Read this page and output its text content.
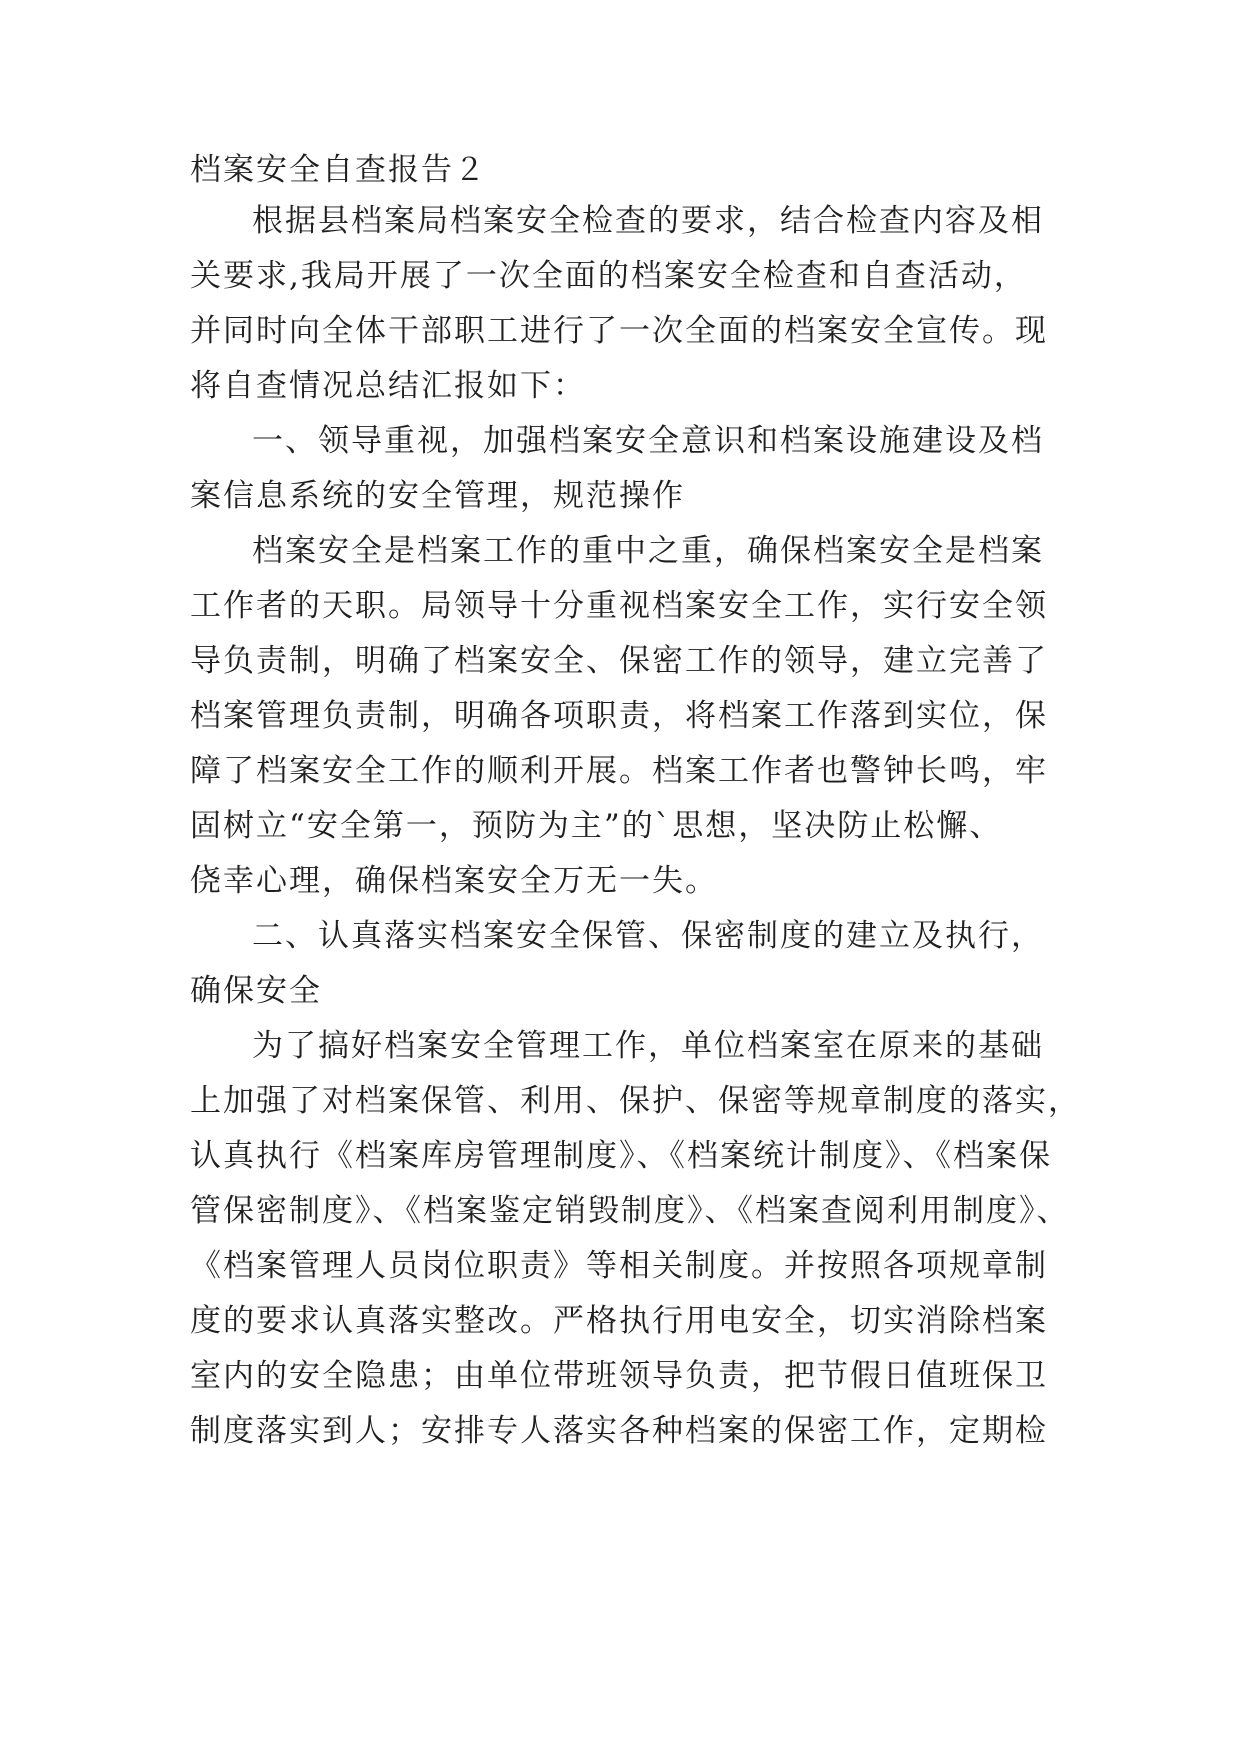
档案安全自查报告２
根据县档案局档案安全检查的要求，结合检查内容及相
关要求,我局开展了一次全面的档案安全检查和自查活动，
并同时向全体干部职工进行了一次全面的档案安全宣传。现
将自查情况总结汇报如下：
一、领导重视，加强档案安全意识和档案设施建设及档
案信息系统的安全管理，规范操作
档案安全是档案工作的重中之重，确保档案安全是档案
工作者的天职。局领导十分重视档案安全工作，实行安全领
导负责制，明确了档案安全、保密工作的领导，建立完善了
档案管理负责制，明确各项职责，将档案工作落到实位，保
障了档案安全工作的顺利开展。档案工作者也警钟长鸣，牢
固树立“安全第一，预防为主”的`思想，坚决防止松懈、
侥幸心理，确保档案安全万无一失。
二、认真落实档案安全保管、保密制度的建立及执行，
确保安全
为了搞好档案安全管理工作，单位档案室在原来的基础
上加强了对档案保管、利用、保护、保密等规章制度的落实，
认真执行《档案库房管理制度》、《档案统计制度》、《档案保
管保密制度》、《档案鉴定销毁制度》、《档案查阅利用制度》、
《档案管理人员岗位职责》等相关制度。并按照各项规章制
度的要求认真落实整改。严格执行用电安全，切实消除档案
室内的安全隐患；由单位带班领导负责，把节假日值班保卫
制度落实到人；安排专人落实各种档案的保密工作，定期检
